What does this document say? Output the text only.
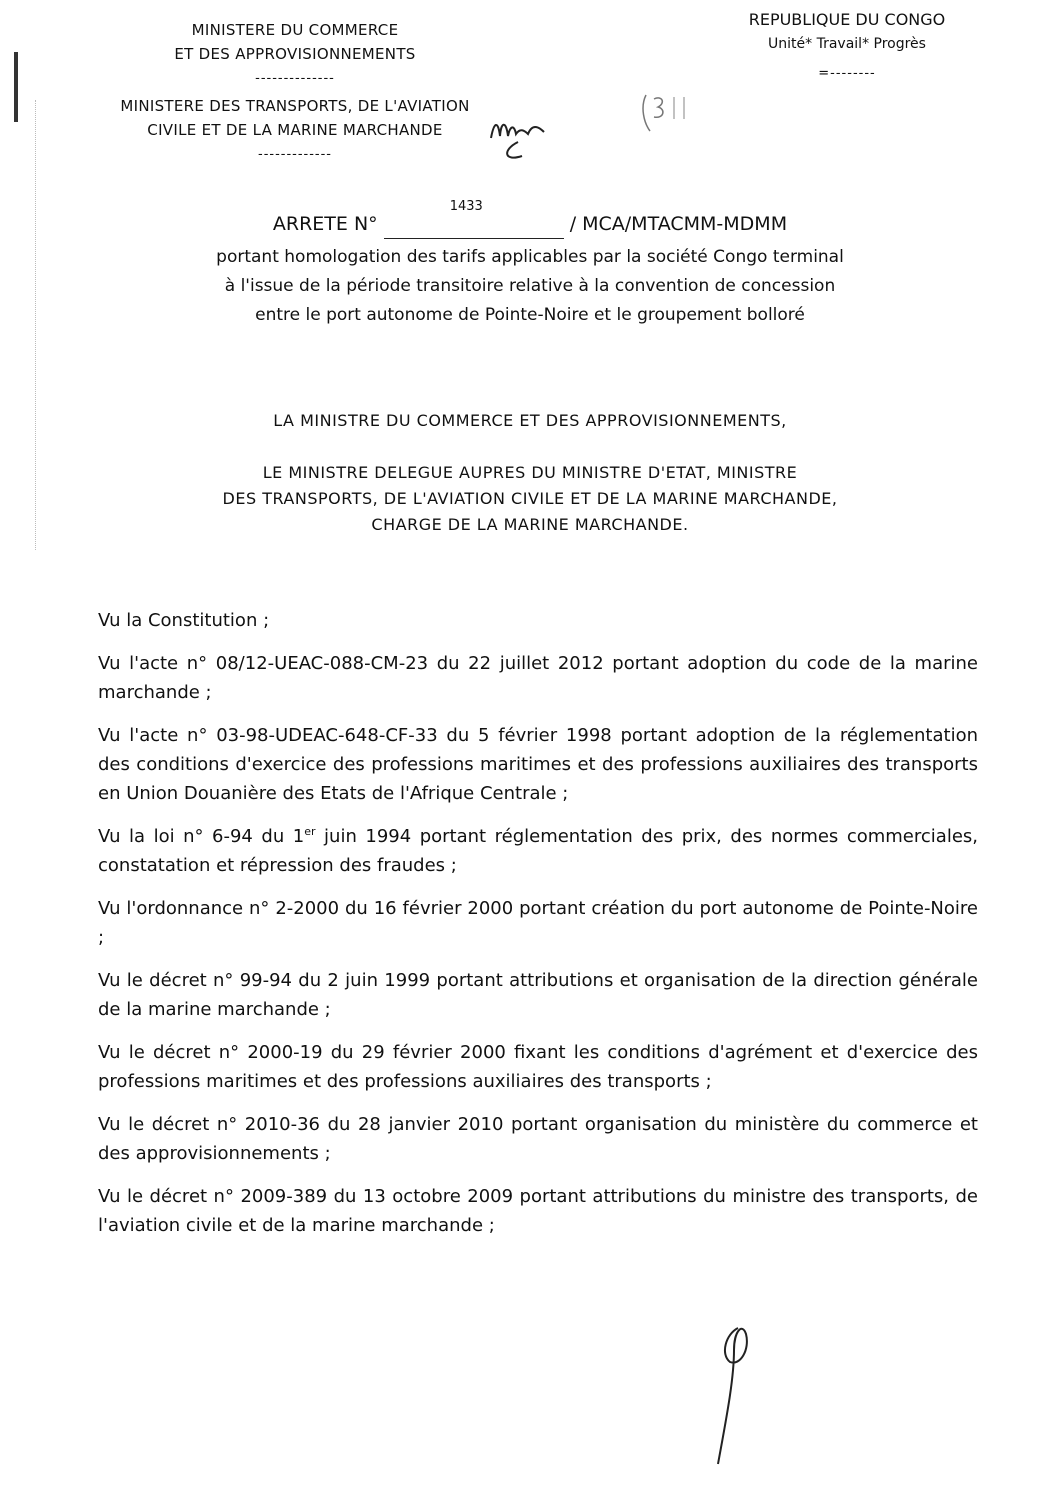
MINISTERE DU COMMERCE
ET DES APPROVISIONNEMENTS
--------------
MINISTERE DES TRANSPORTS, DE L'AVIATION
CIVILE ET DE LA MARINE MARCHANDE
-------------
REPUBLIQUE DU CONGO
Unité* Travail* Progrès
=--------
ARRETE N°
1433
/ MCA/MTACMM-MDMM
portant homologation des tarifs applicables par la société Congo terminal
à l'issue de la période transitoire relative à la convention de concession
entre le port autonome de Pointe-Noire et le groupement bolloré

LA MINISTRE DU COMMERCE ET DES APPROVISIONNEMENTS,

LE MINISTRE DELEGUE AUPRES DU MINISTRE D'ETAT, MINISTRE
DES TRANSPORTS, DE L'AVIATION CIVILE ET DE LA MARINE MARCHANDE,
CHARGE DE LA MARINE MARCHANDE.

Vu la Constitution ;

Vu l'acte n° 08/12-UEAC-088-CM-23 du 22 juillet 2012 portant adoption du code de la marine marchande ;

Vu l'acte n° 03-98-UDEAC-648-CF-33 du 5 février 1998 portant adoption de la réglementation des conditions d'exercice des professions maritimes et des professions auxiliaires des transports en Union Douanière des Etats de l'Afrique Centrale ;

Vu la loi n° 6-94 du 1er juin 1994 portant réglementation des prix, des normes commerciales, constatation et répression des fraudes ;

Vu l'ordonnance n° 2-2000 du 16 février 2000 portant création du port autonome de Pointe-Noire ;

Vu le décret n° 99-94 du 2 juin 1999 portant attributions et organisation de la direction générale de la marine marchande ;

Vu le décret n° 2000-19 du 29 février 2000 fixant les conditions d'agrément et d'exercice des professions maritimes et des professions auxiliaires des transports ;

Vu le décret n° 2010-36 du 28 janvier 2010 portant organisation du ministère du commerce et des approvisionnements ;

Vu le décret n° 2009-389 du 13 octobre 2009 portant attributions du ministre des transports, de l'aviation civile et de la marine marchande ;
